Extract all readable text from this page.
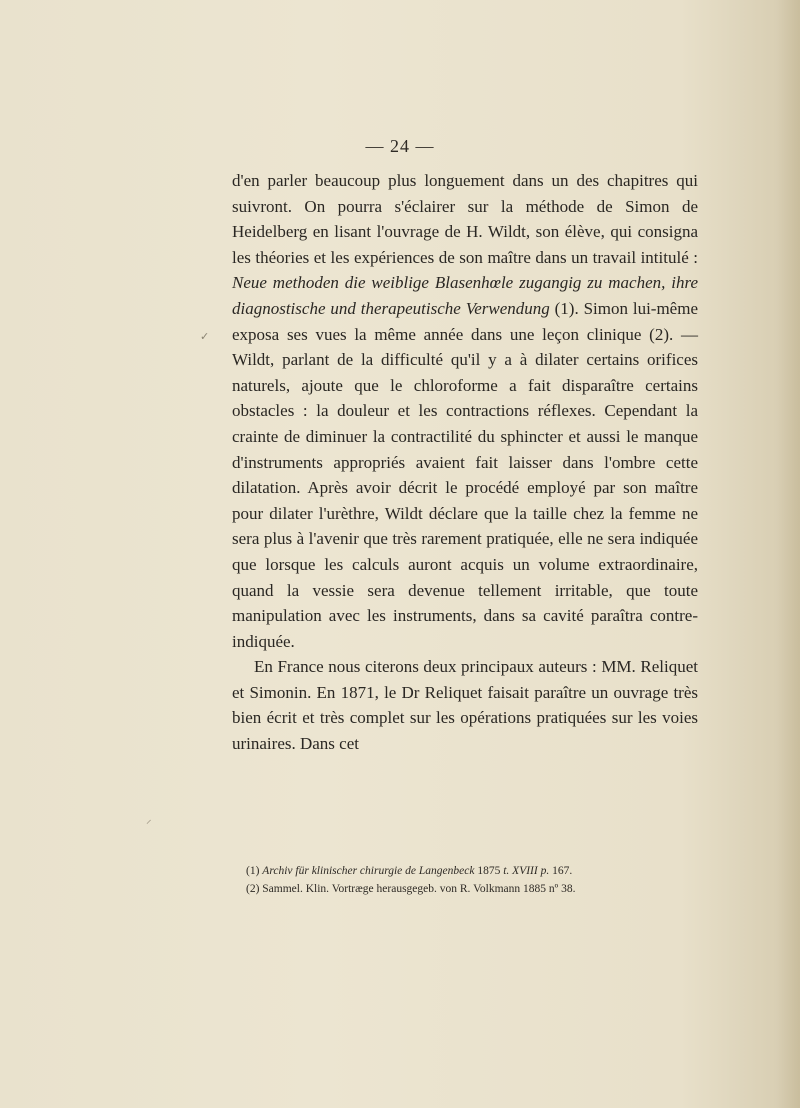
— 24 —

d'en parler beaucoup plus longuement dans un des chapitres qui suivront. On pourra s'éclairer sur la méthode de Simon de Heidelberg en lisant l'ouvrage de H. Wildt, son élève, qui consigna les théories et les expériences de son maître dans un travail intitulé : Neue methoden die weiblige Blasenhœle zugangig zu machen, ihre diagnostische und therapeutische Verwendung (1). Simon lui-même exposa ses vues la même année dans une leçon clinique (2). — Wildt, parlant de la difficulté qu'il y a à dilater certains orifices naturels, ajoute que le chloroforme a fait disparaître certains obstacles : la douleur et les contractions réflexes. Cependant la crainte de diminuer la contractilité du sphincter et aussi le manque d'instruments appropriés avaient fait laisser dans l'ombre cette dilatation. Après avoir décrit le procédé employé par son maître pour dilater l'urèthre, Wildt déclare que la taille chez la femme ne sera plus à l'avenir que très rarement pratiquée, elle ne sera indiquée que lorsque les calculs auront acquis un volume extraordinaire, quand la vessie sera devenue tellement irritable, que toute manipulation avec les instruments, dans sa cavité paraîtra contre-indiquée.

En France nous citerons deux principaux auteurs : MM. Reliquet et Simonin. En 1871, le Dr Reliquet faisait paraître un ouvrage très bien écrit et très complet sur les opérations pratiquées sur les voies urinaires. Dans cet

(1) Archiv für klinischer chirurgie de Langenbeck 1875 t. XVIII p. 167.
(2) Sammel. Klin. Vortræge herausgegeb. von R. Volkmann 1885 nº 38.
✓
⸝
